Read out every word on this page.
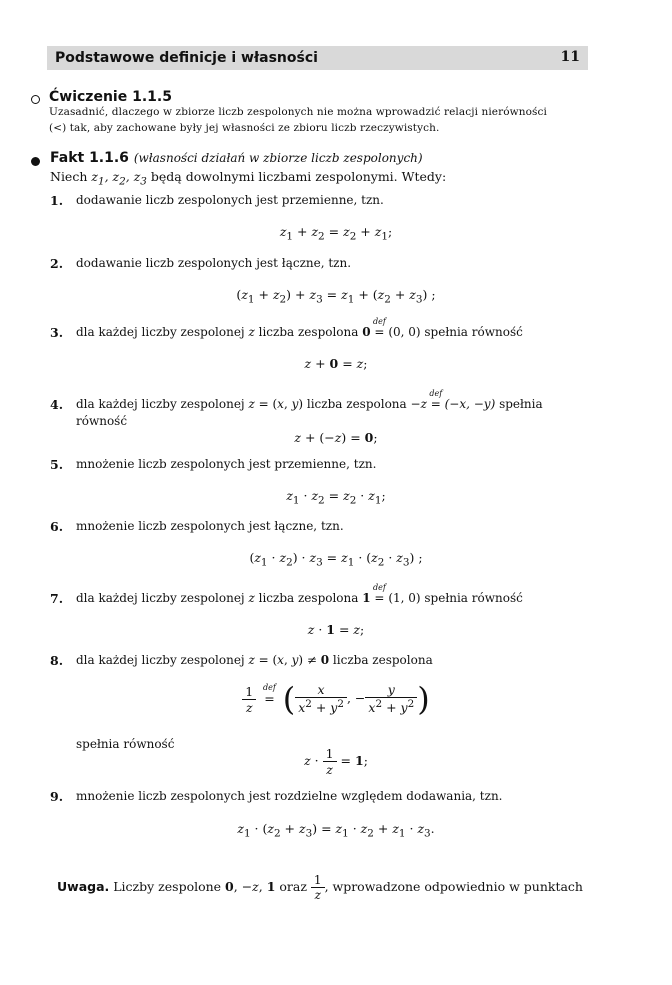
Podstawowe definicje i własności	11
Ćwiczenie 1.1.5
Uzasadnić, dlaczego w zbiorze liczb zespolonych nie można wprowadzić relacji nierówności
(<) tak, aby zachowane były jej własności ze zbioru liczb rzeczywistych.
Fakt 1.1.6 (własności działań w zbiorze liczb zespolonych)
Niech $z_1$, $z_2$, $z_3$ będą dowolnymi liczbami zespolonymi. Wtedy:
1. dodawanie liczb zespolonych jest przemienne, tzn.
$z_1 + z_2 = z_2 + z_1$;
2. dodawanie liczb zespolonych jest łączne, tzn.
$(z_1 + z_2) + z_3 = z_1 + (z_2 + z_3)$ ;
3. dla każdej liczby zespolonej z liczba zespolona 0
def
= (0, 0) spełnia równość
z + 0 = z;
4. dla każdej liczby zespolonej z = (x, y) liczba zespolona −z
def
= (−x, −y) spełnia
równość
z + (−z) = 0;
5. mnożenie liczb zespolonych jest przemienne, tzn.
$z_1 \cdot z_2 = z_2 \cdot z_1$;
6. mnożenie liczb zespolonych jest łączne, tzn.
$(z_1 \cdot z_2) \cdot z_3 = z_1 \cdot (z_2 \cdot z_3)$ ;
7. dla każdej liczby zespolonej z liczba zespolona 1
def
= (1, 0) spełnia równość
z · 1 = z;
8. dla każdej liczby zespolonej z = (x, y) ≠ 0 liczba zespolona
$\frac{1}{z}$
def
= ( $\frac{x}{x^2 + y^2}$ , − $\frac{y}{x^2 + y^2}$ )
spełnia równość
$z \cdot \frac{1}{z} = 1$;
9. mnożenie liczb zespolonych jest rozdzielne względem dodawania, tzn.
$z_1 \cdot (z_2 + z_3) = z_1 \cdot z_2 + z_1 \cdot z_3$.
Uwaga. Liczby zespolone 0, −z, 1 oraz $\frac{1}{z}$ , wprowadzone odpowiednio w punktach
